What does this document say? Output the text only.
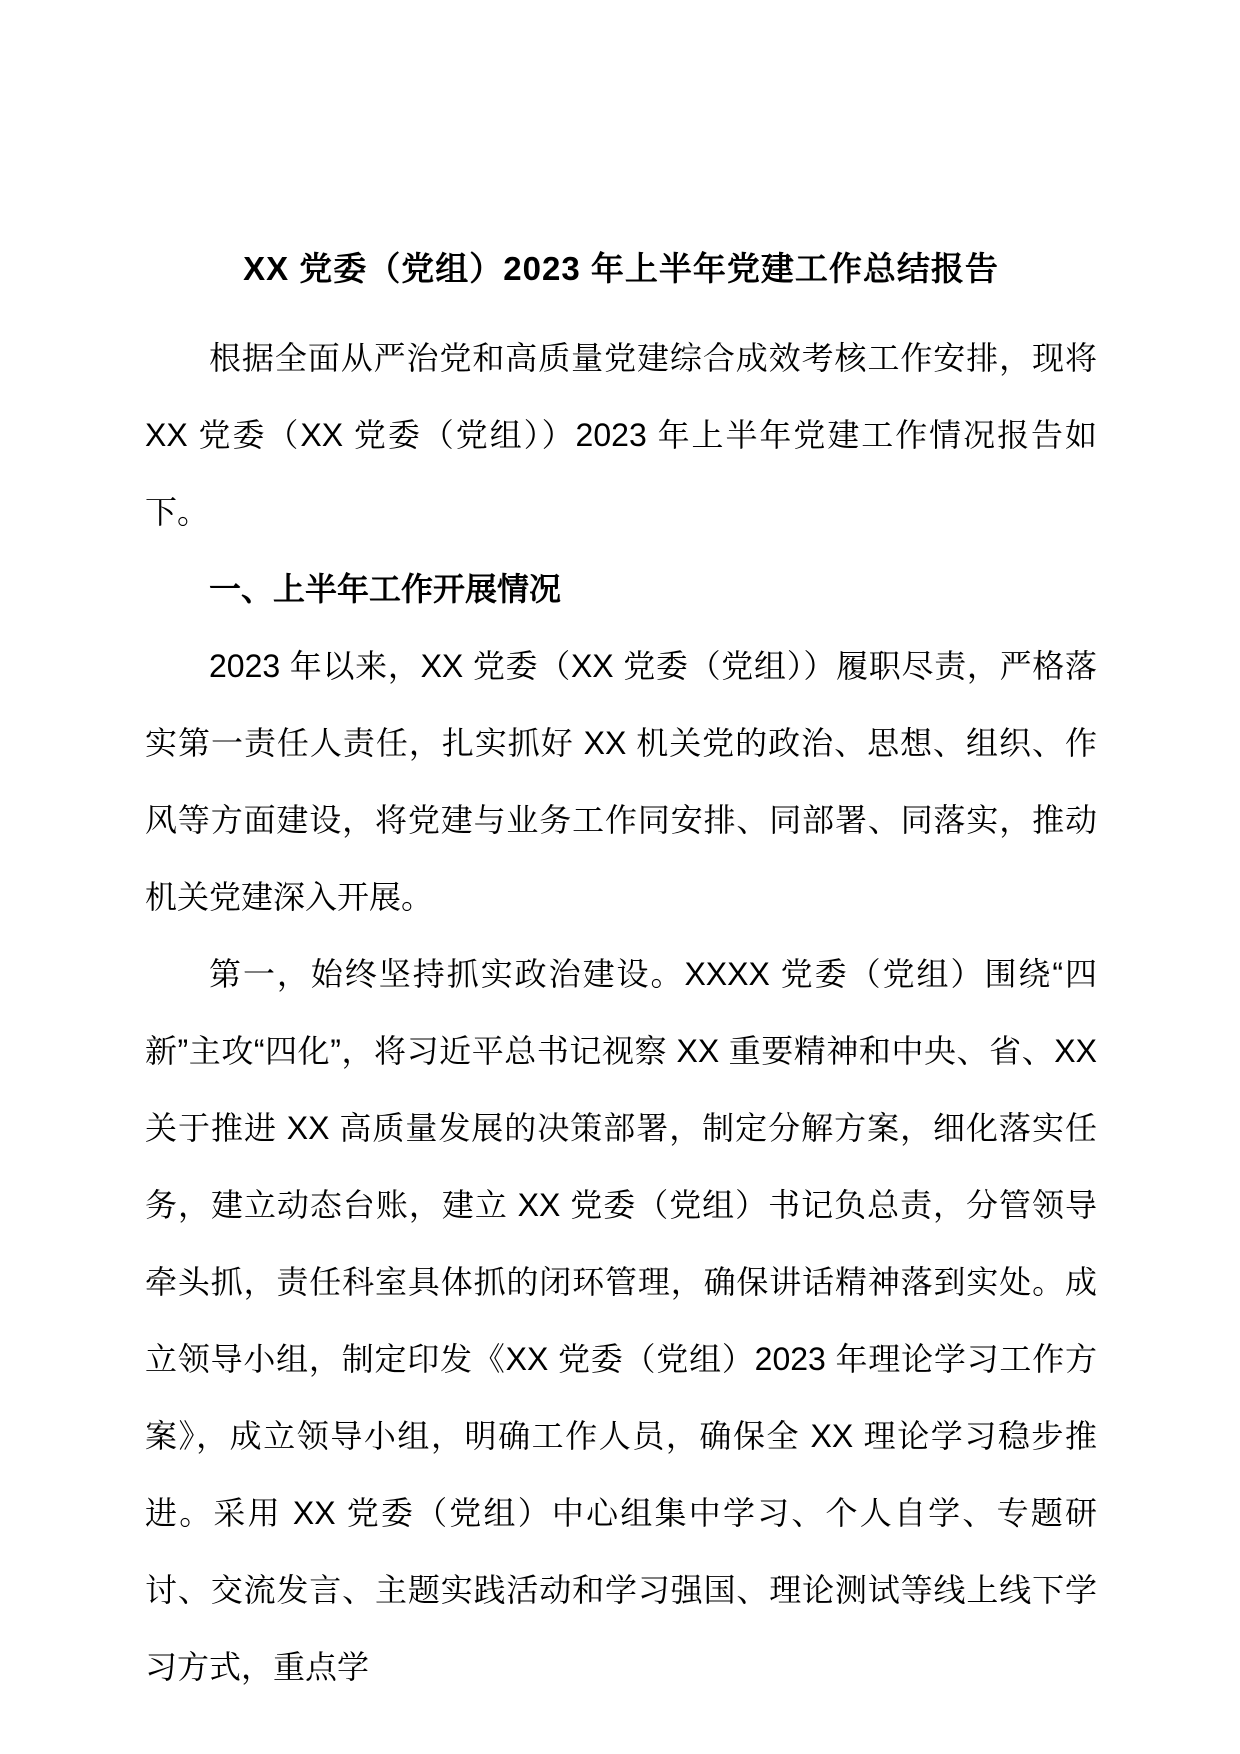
XX 党委（党组）2023 年上半年党建工作总结报告

根据全面从严治党和高质量党建综合成效考核工作安排，现将 XX 党委（XX 党委（党组））2023 年上半年党建工作情况报告如下。

一、上半年工作开展情况

2023 年以来，XX 党委（XX 党委（党组））履职尽责，严格落实第一责任人责任，扎实抓好 XX 机关党的政治、思想、组织、作风等方面建设，将党建与业务工作同安排、同部署、同落实，推动机关党建深入开展。

第一，始终坚持抓实政治建设。XXXX 党委（党组）围绕“四新”主攻“四化”，将习近平总书记视察 XX 重要精神和中央、省、XX 关于推进 XX 高质量发展的决策部署，制定分解方案，细化落实任务，建立动态台账，建立 XX 党委（党组）书记负总责，分管领导牵头抓，责任科室具体抓的闭环管理，确保讲话精神落到实处。成立领导小组，制定印发《XX 党委（党组）2023 年理论学习工作方案》，成立领导小组，明确工作人员，确保全 XX 理论学习稳步推进。采用 XX 党委（党组）中心组集中学习、个人自学、专题研讨、交流发言、主题实践活动和学习强国、理论测试等线上线下学习方式，重点学
